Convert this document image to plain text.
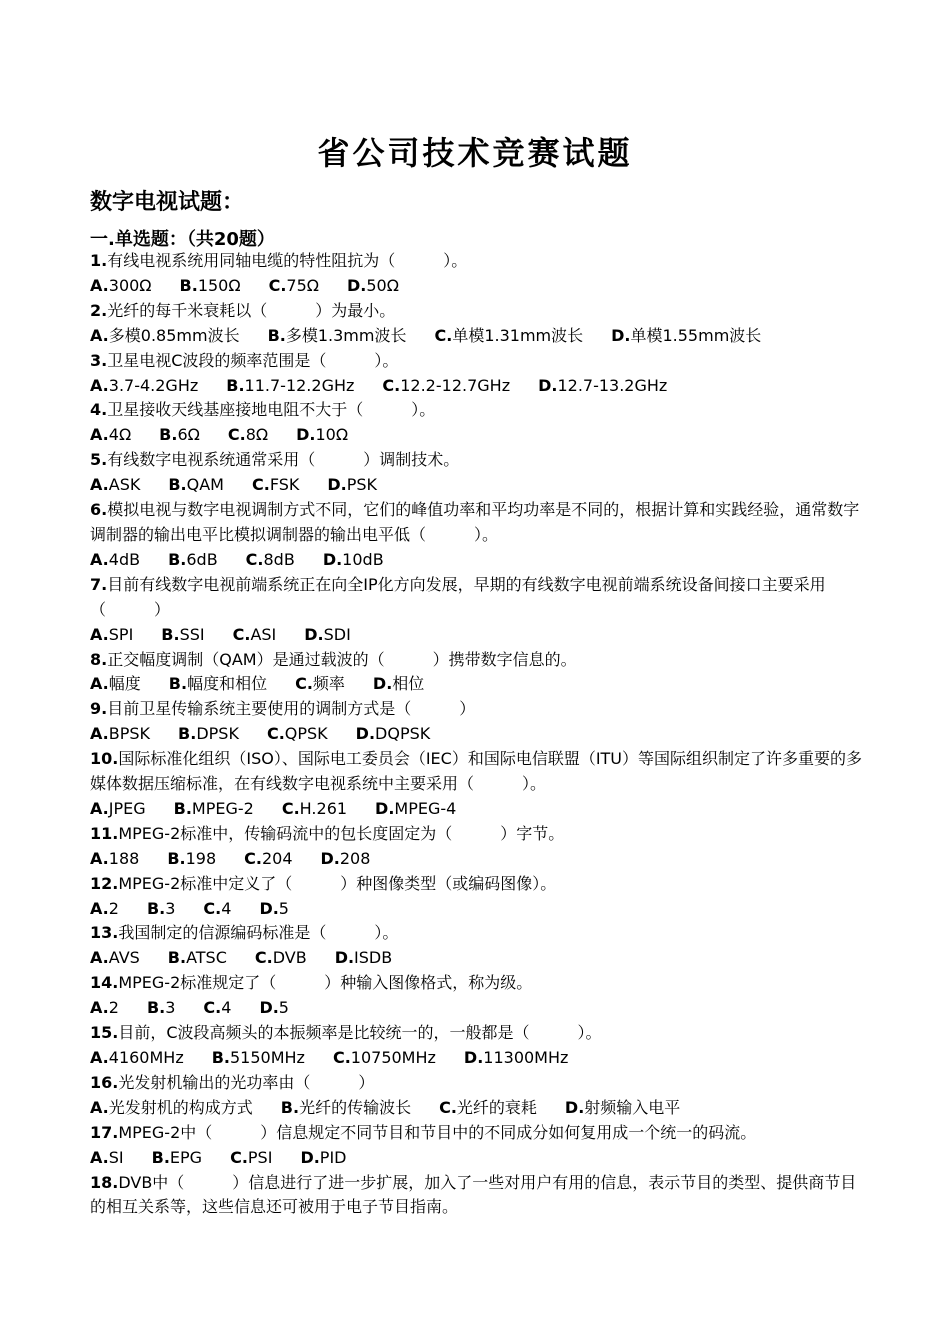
省公司技术竞赛试题
数字电视试题：
一.单选题：（共20题）

1.有线电视系统用同轴电缆的特性阻抗为（　　　）。

A.300Ω B.150Ω C.75Ω D.50Ω

2.光纤的每千米衰耗以（　　　）为最小。

A.多模0.85mm波长 B.多模1.3mm波长 C.单模1.31mm波长 D.单模1.55mm波长

3.卫星电视C波段的频率范围是（　　　）。

A.3.7-4.2GHz B.11.7-12.2GHz C.12.2-12.7GHz D.12.7-13.2GHz

4.卫星接收天线基座接地电阻不大于（　　　）。

A.4Ω B.6Ω C.8Ω D.10Ω

5.有线数字电视系统通常采用（　　　）调制技术。

A.ASK B.QAM C.FSK D.PSK

6.模拟电视与数字电视调制方式不同，它们的峰值功率和平均功率是不同的，根据计算和实践经验，通常数字调制器的输出电平比模拟调制器的输出电平低（　　　）。

A.4dB B.6dB C.8dB D.10dB

7.目前有线数字电视前端系统正在向全IP化方向发展，早期的有线数字电视前端系统设备间接口主要采用（　　　）

A.SPI B.SSI C.ASI D.SDI

8.正交幅度调制（QAM）是通过载波的（　　　）携带数字信息的。

A.幅度 B.幅度和相位 C.频率 D.相位

9.目前卫星传输系统主要使用的调制方式是（　　　）

A.BPSK B.DPSK C.QPSK D.DQPSK

10.国际标准化组织（ISO）、国际电工委员会（IEC）和国际电信联盟（ITU）等国际组织制定了许多重要的多媒体数据压缩标准，在有线数字电视系统中主要采用（　　　）。

A.JPEG B.MPEG-2 C.H.261 D.MPEG-4

11.MPEG-2标准中，传输码流中的包长度固定为（　　　）字节。

A.188 B.198 C.204 D.208

12.MPEG-2标准中定义了（　　　）种图像类型（或编码图像）。

A.2 B.3 C.4 D.5

13.我国制定的信源编码标准是（　　　）。

A.AVS B.ATSC C.DVB D.ISDB

14.MPEG-2标准规定了（　　　）种输入图像格式，称为级。

A.2 B.3 C.4 D.5

15.目前，C波段高频头的本振频率是比较统一的，一般都是（　　　）。

A.4160MHz B.5150MHz C.10750MHz D.11300MHz

16.光发射机输出的光功率由（　　　）

A.光发射机的构成方式 B.光纤的传输波长 C.光纤的衰耗 D.射频输入电平

17.MPEG-2中（　　　）信息规定不同节目和节目中的不同成分如何复用成一个统一的码流。

A.SI B.EPG C.PSI D.PID

18.DVB中（　　　）信息进行了进一步扩展，加入了一些对用户有用的信息，表示节目的类型、提供商节目的相互关系等，这些信息还可被用于电子节目指南。
